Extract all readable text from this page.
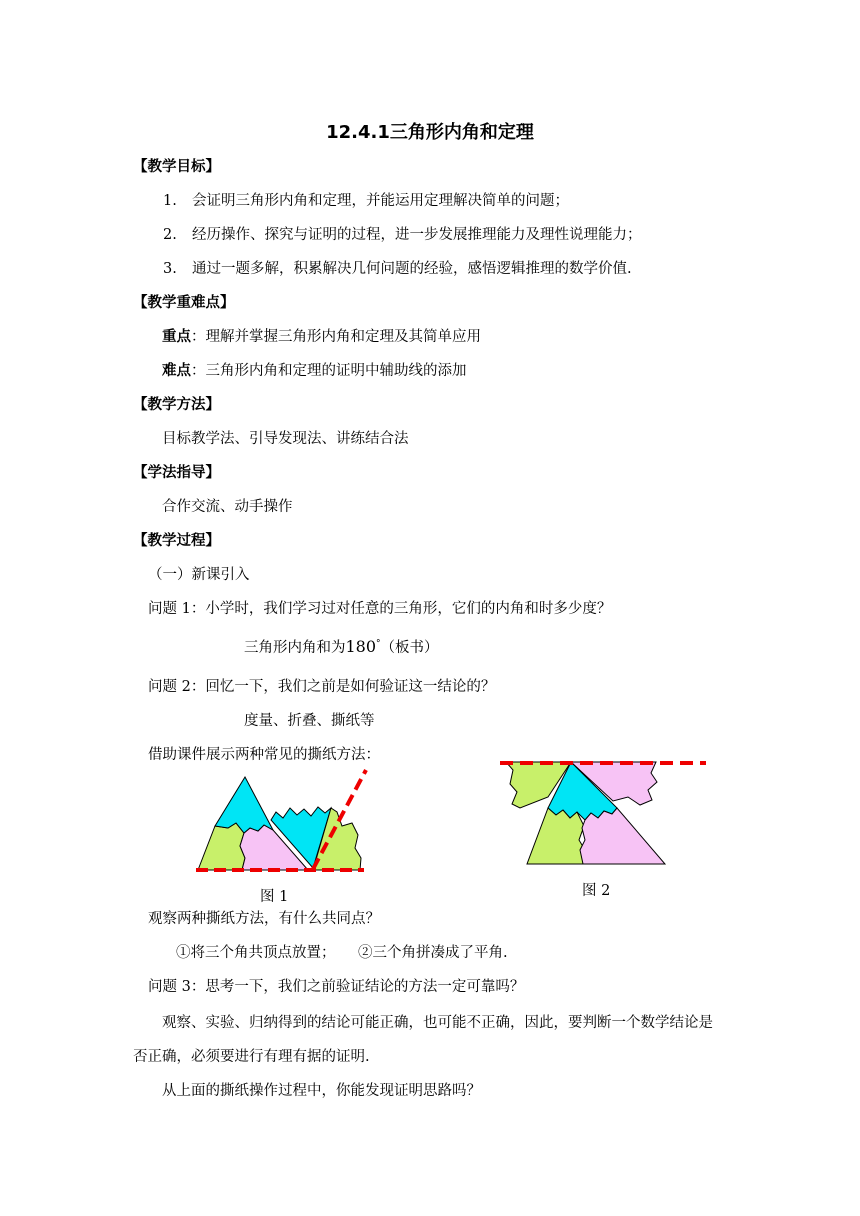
12.4.1三角形内角和定理
【教学目标】
1. 会证明三角形内角和定理，并能运用定理解决简单的问题；
2. 经历操作、探究与证明的过程，进一步发展推理能力及理性说理能力；
3. 通过一题多解，积累解决几何问题的经验，感悟逻辑推理的数学价值.
【教学重难点】
重点：理解并掌握三角形内角和定理及其简单应用
难点：三角形内角和定理的证明中辅助线的添加
【教学方法】
目标教学法、引导发现法、讲练结合法
【学法指导】
合作交流、动手操作
【教学过程】
（一）新课引入
问题 1：小学时，我们学习过对任意的三角形，它们的内角和时多少度？
三角形内角和为180°（板书）
问题 2：回忆一下，我们之前是如何验证这一结论的？
度量、折叠、撕纸等
借助课件展示两种常见的撕纸方法：
图 1	图 2
观察两种撕纸方法，有什么共同点？
①将三个角共顶点放置； ②三个角拼凑成了平角.
问题 3：思考一下，我们之前验证结论的方法一定可靠吗？
观察、实验、归纳得到的结论可能正确，也可能不正确，因此，要判断一个数学结论是
否正确，必须要进行有理有据的证明.
从上面的撕纸操作过程中，你能发现证明思路吗？
